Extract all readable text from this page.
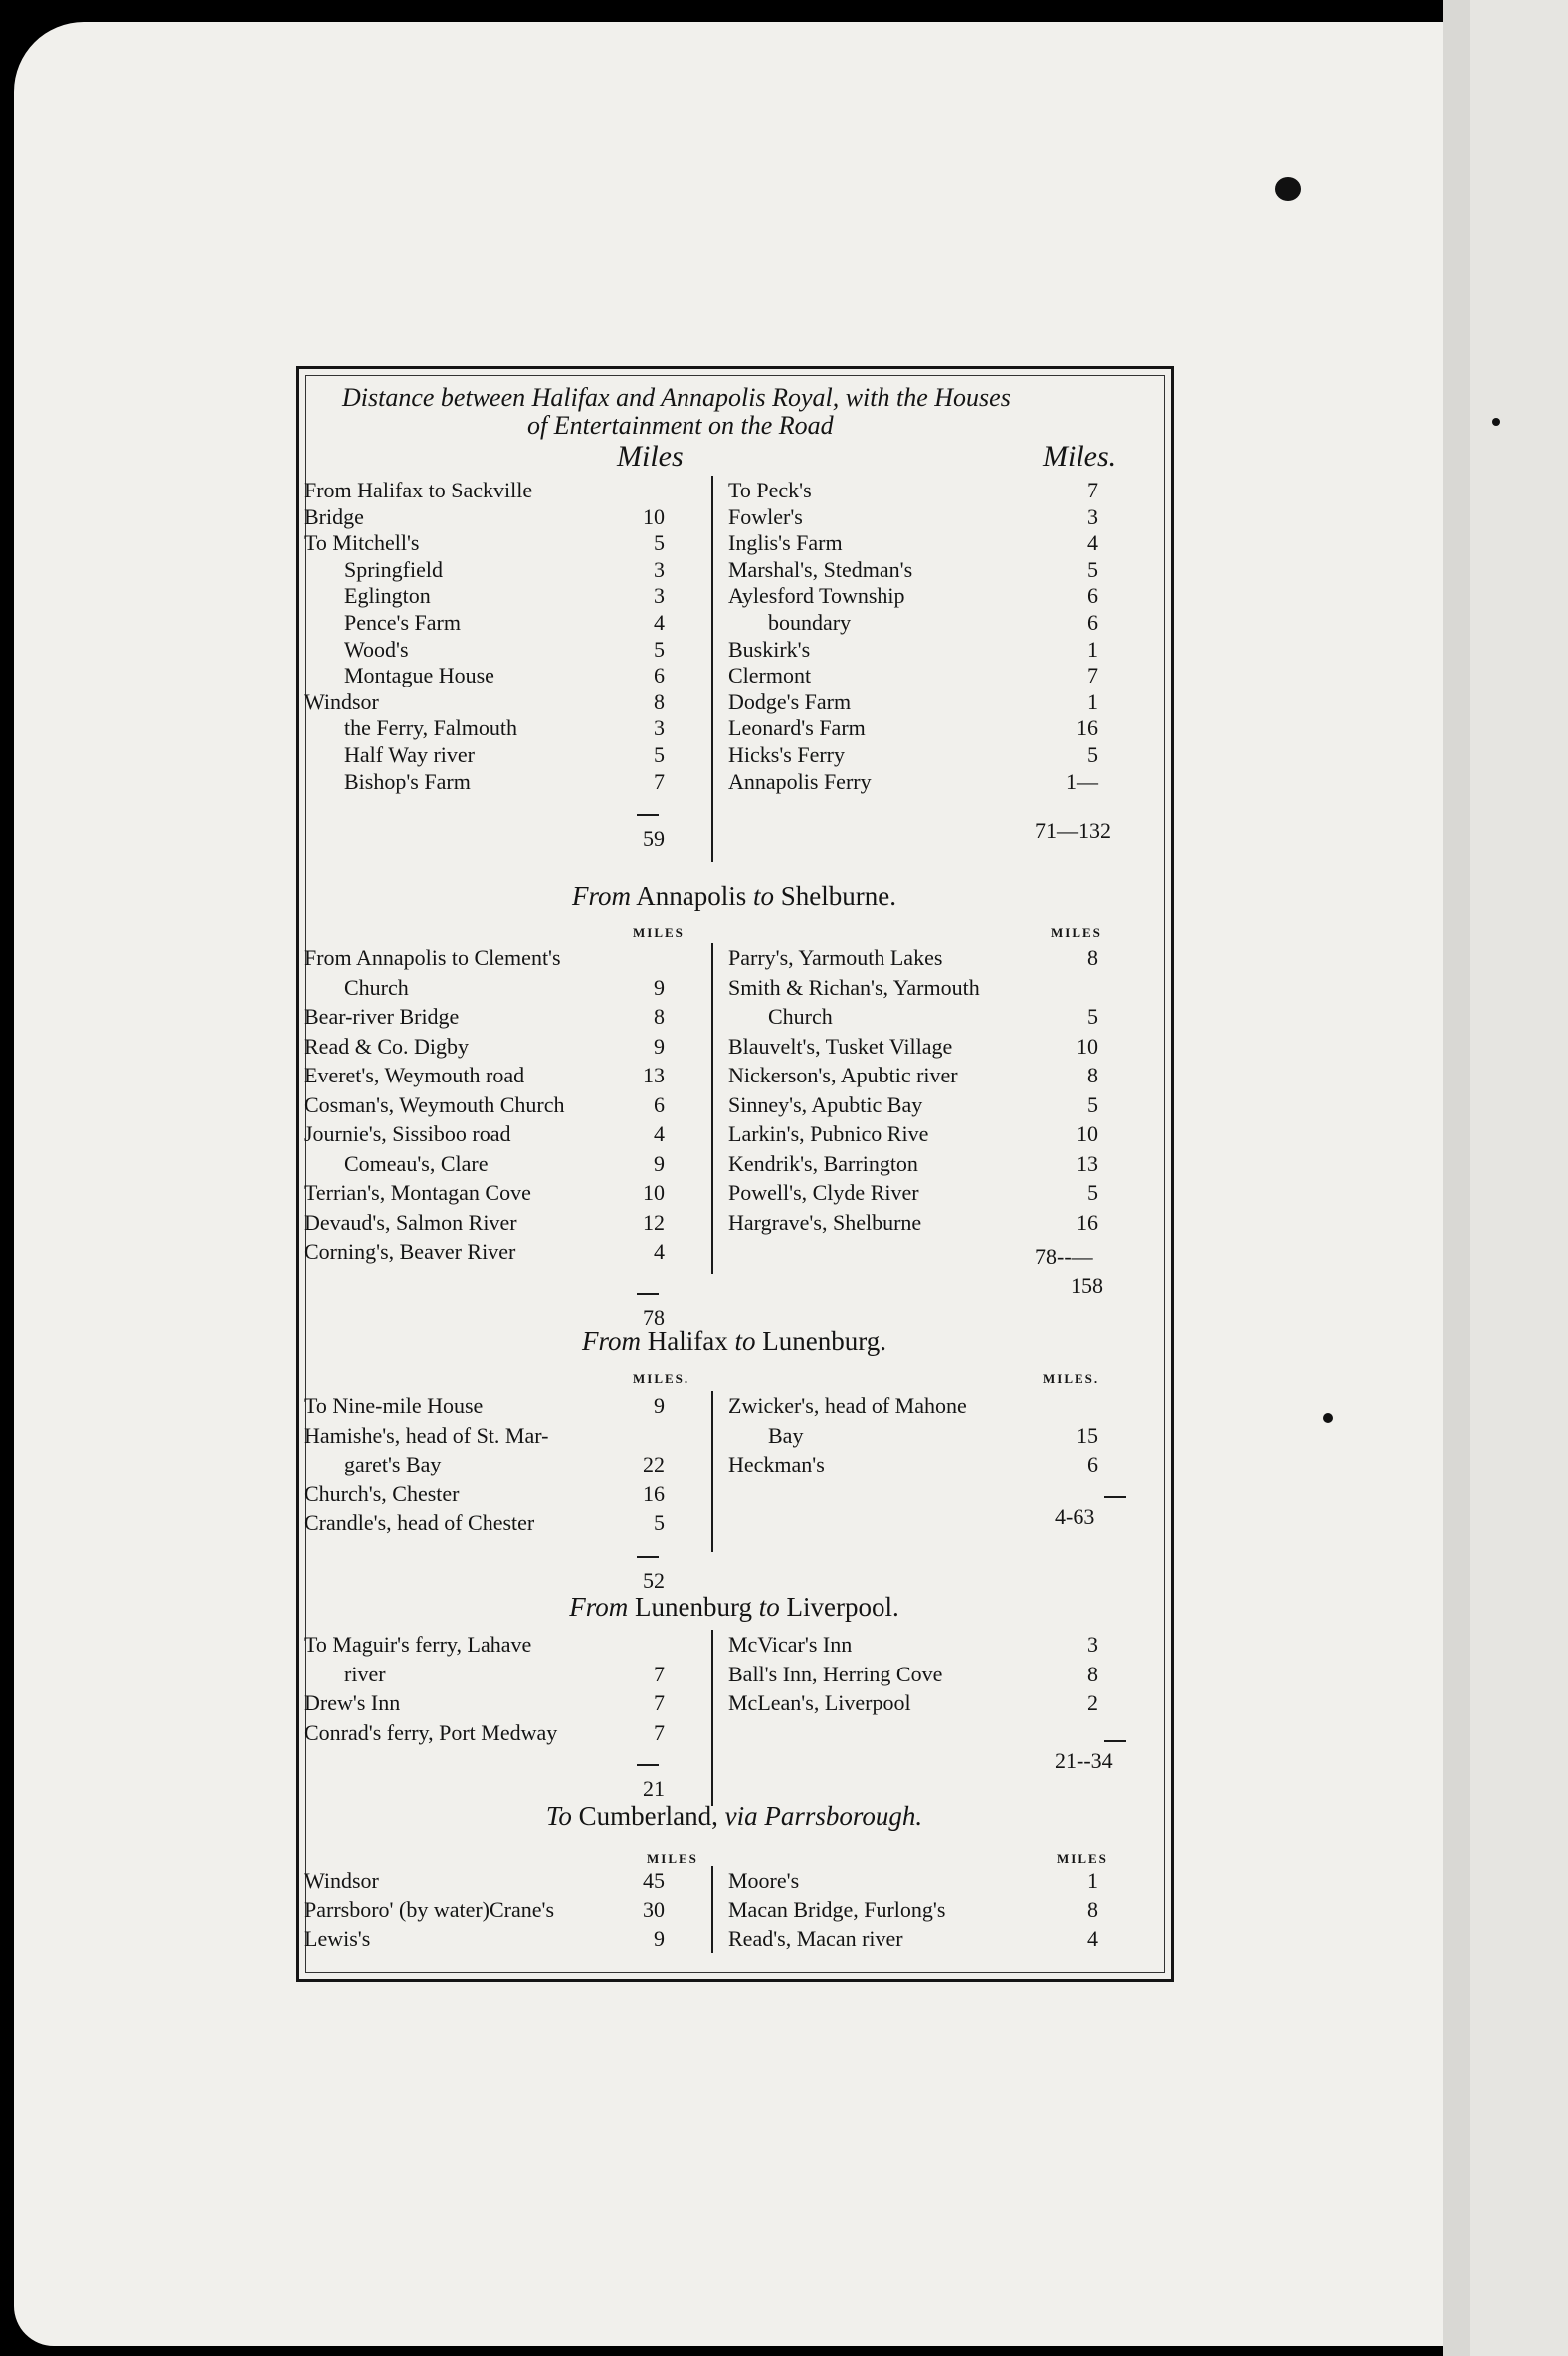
Distance between Halifax and Annapolis Royal, with the Houses
of Entertainment on the Road
Miles	Miles.
From Halifax to Sackville
Bridge	10
To Mitchell's	5
Springfield	3
Eglington	3
Pence's Farm	4
Wood's	5
Montague House	6
Windsor	8
the Ferry, Falmouth	3
Half Way river	5
Bishop's Farm	7
To Peck's	7
Fowler's	3
Inglis's Farm	4
Marshal's, Stedman's	5
Aylesford Township	6
boundary	6
Buskirk's	1
Clermont	7
Dodge's Farm	1
Leonard's Farm	16
Hicks's Ferry	5
Annapolis Ferry	1—
59	71—132
From Annapolis to Shelburne.
MILES	MILES
From Annapolis to Clement's
Church	9
Bear-river Bridge	8
Read & Co. Digby	9
Everet's, Weymouth road	13
Cosman's, Weymouth Church	6
Journie's, Sissiboo road	4
Comeau's, Clare	9
Terrian's, Montagan Cove	10
Devaud's, Salmon River	12
Corning's, Beaver River	4
Parry's, Yarmouth Lakes	8
Smith & Richan's, Yarmouth
Church	5
Blauvelt's, Tusket Village	10
Nickerson's, Apubtic river	8
Sinney's, Apubtic Bay	5
Larkin's, Pubnico Rive	10
Kendrik's, Barrington	13
Powell's, Clyde River	5
Hargrave's, Shelburne	16
78
78--—
158
From Halifax to Lunenburg.
MILES.	MILES.
To Nine-mile House	9
Hamishe's, head of St. Mar-
garet's Bay	22
Church's, Chester	16
Crandle's, head of Chester	5
Zwicker's, head of Mahone
Bay	15
Heckman's	6
52
4-63
From Lunenburg to Liverpool.
To Maguir's ferry, Lahave
river	7
Drew's Inn	7
Conrad's ferry, Port Medway	7
McVicar's Inn	3
Ball's Inn, Herring Cove	8
McLean's, Liverpool	2
21
21--34
To Cumberland, via Parrsborough.
MILES	MILES
Windsor	45
Parrsboro' (by water)Crane's	30
Lewis's	9
Moore's	1
Macan Bridge, Furlong's	8
Read's, Macan river	4
